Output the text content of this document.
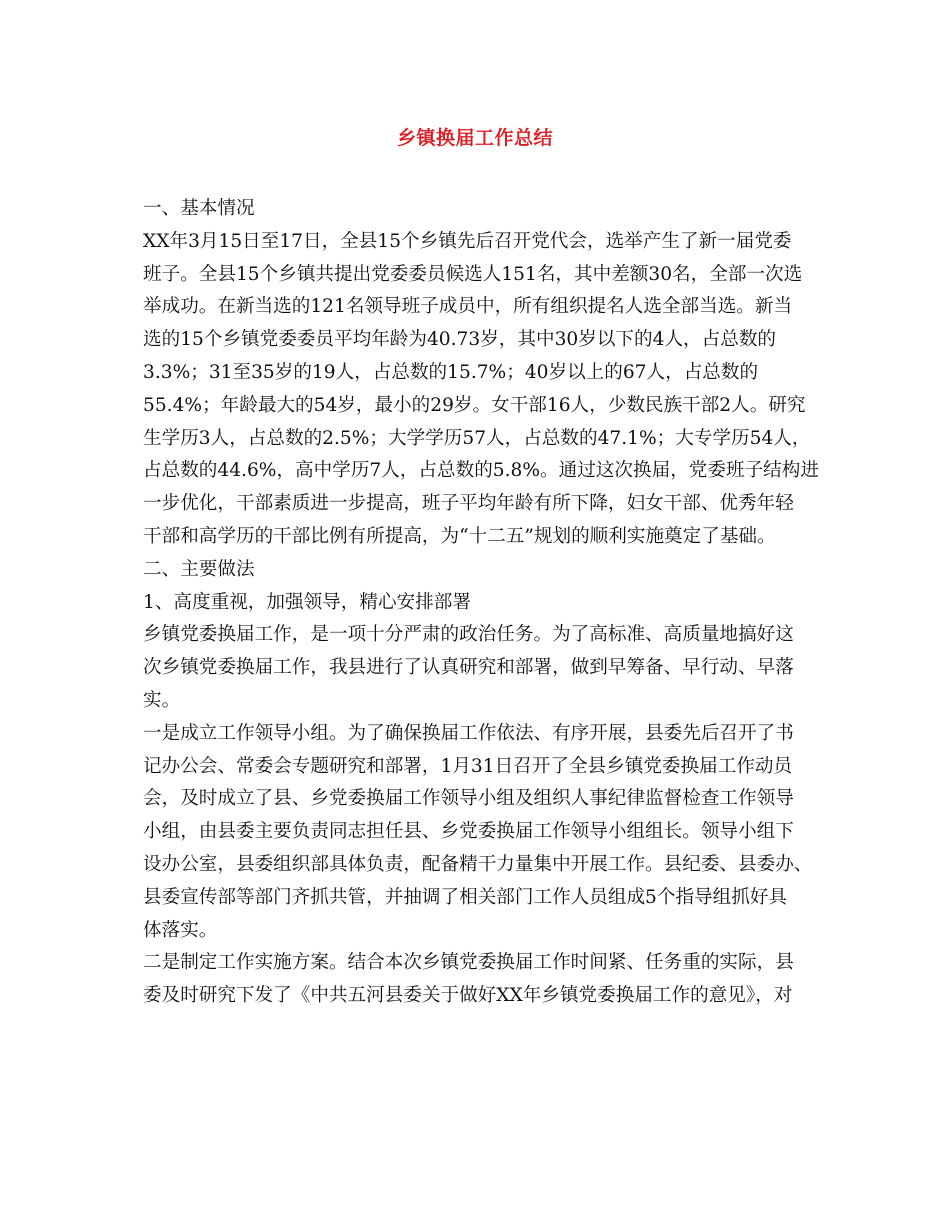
乡镇换届工作总结
一、基本情况
XX年3月15日至17日，全县15个乡镇先后召开党代会，选举产生了新一届党委
班子。全县15个乡镇共提出党委委员候选人151名，其中差额30名，全部一次选
举成功。在新当选的121名领导班子成员中，所有组织提名人选全部当选。新当
选的15个乡镇党委委员平均年龄为40.73岁，其中30岁以下的4人，占总数的
3.3%；31至35岁的19人，占总数的15.7%；40岁以上的67人，占总数的
55.4%；年龄最大的54岁，最小的29岁。女干部16人，少数民族干部2人。研究
生学历3人，占总数的2.5%；大学学历57人，占总数的47.1%；大专学历54人，
占总数的44.6%，高中学历7人，占总数的5.8%。通过这次换届，党委班子结构进
一步优化，干部素质进一步提高，班子平均年龄有所下降，妇女干部、优秀年轻
干部和高学历的干部比例有所提高，为“十二五”规划的顺利实施奠定了基础。
二、主要做法
1、高度重视，加强领导，精心安排部署
乡镇党委换届工作，是一项十分严肃的政治任务。为了高标准、高质量地搞好这
次乡镇党委换届工作，我县进行了认真研究和部署，做到早筹备、早行动、早落
实。
一是成立工作领导小组。为了确保换届工作依法、有序开展，县委先后召开了书
记办公会、常委会专题研究和部署，1月31日召开了全县乡镇党委换届工作动员
会，及时成立了县、乡党委换届工作领导小组及组织人事纪律监督检查工作领导
小组，由县委主要负责同志担任县、乡党委换届工作领导小组组长。领导小组下
设办公室，县委组织部具体负责，配备精干力量集中开展工作。县纪委、县委办、
县委宣传部等部门齐抓共管，并抽调了相关部门工作人员组成5个指导组抓好具
体落实。
二是制定工作实施方案。结合本次乡镇党委换届工作时间紧、任务重的实际，县
委及时研究下发了《中共五河县委关于做好XX年乡镇党委换届工作的意见》，对
